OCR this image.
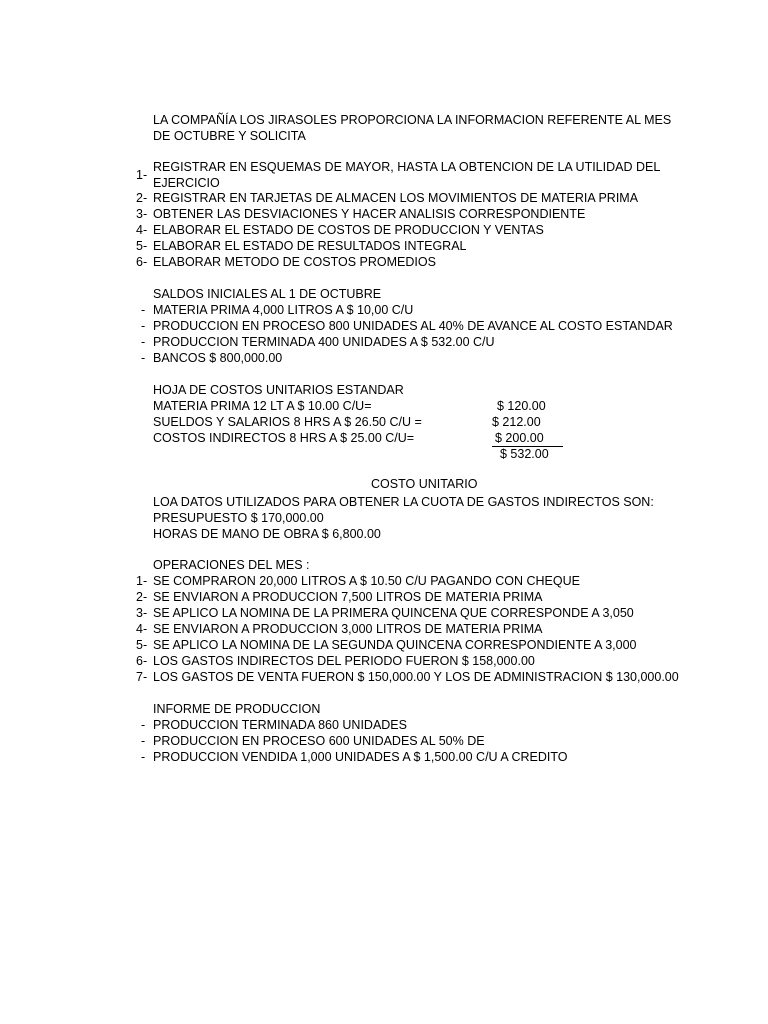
LA COMPAÑÍA LOS JIRASOLES PROPORCIONA LA INFORMACION REFERENTE AL MES
DE OCTUBRE Y SOLICITA
1-
REGISTRAR EN ESQUEMAS DE MAYOR, HASTA LA OBTENCION DE LA UTILIDAD DEL
EJERCICIO
2- REGISTRAR EN TARJETAS DE ALMACEN LOS MOVIMIENTOS DE MATERIA PRIMA
3- OBTENER LAS DESVIACIONES Y HACER ANALISIS CORRESPONDIENTE
4- ELABORAR EL ESTADO DE COSTOS DE PRODUCCION Y VENTAS
5- ELABORAR EL ESTADO DE RESULTADOS INTEGRAL
6- ELABORAR METODO DE COSTOS PROMEDIOS
SALDOS INICIALES AL 1 DE OCTUBRE
- MATERIA PRIMA 4,000 LITROS A $ 10,00 C/U
- PRODUCCION EN PROCESO 800 UNIDADES AL 40% DE AVANCE AL COSTO ESTANDAR
- PRODUCCION TERMINADA 400 UNIDADES A $ 532.00 C/U
- BANCOS $ 800,000.00
HOJA DE COSTOS UNITARIOS ESTANDAR
MATERIA PRIMA 12 LT A $ 10.00 C/U=	$ 120.00
SUELDOS Y SALARIOS 8 HRS A $ 26.50 C/U =	$ 212.00
COSTOS INDIRECTOS 8 HRS A $ 25.00 C/U=	$ 200.00
$ 532.00
COSTO UNITARIO
LOA DATOS UTILIZADOS PARA OBTENER LA CUOTA DE GASTOS INDIRECTOS SON:
PRESUPUESTO $ 170,000.00
HORAS DE MANO DE OBRA $ 6,800.00
OPERACIONES DEL MES :
1- SE COMPRARON 20,000 LITROS A $ 10.50 C/U PAGANDO CON CHEQUE
2- SE ENVIARON A PRODUCCION 7,500 LITROS DE MATERIA PRIMA
3- SE APLICO LA NOMINA DE LA PRIMERA QUINCENA QUE CORRESPONDE A 3,050
4- SE ENVIARON A PRODUCCION 3,000 LITROS DE MATERIA PRIMA
5- SE APLICO LA NOMINA DE LA SEGUNDA QUINCENA CORRESPONDIENTE A 3,000
6- LOS GASTOS INDIRECTOS DEL PERIODO FUERON $ 158,000.00
7- LOS GASTOS DE VENTA FUERON $ 150,000.00 Y LOS DE ADMINISTRACION $ 130,000.00
INFORME DE PRODUCCION
- PRODUCCION TERMINADA 860 UNIDADES
- PRODUCCION EN PROCESO 600 UNIDADES AL 50% DE
- PRODUCCION VENDIDA 1,000 UNIDADES A $ 1,500.00 C/U A CREDITO
